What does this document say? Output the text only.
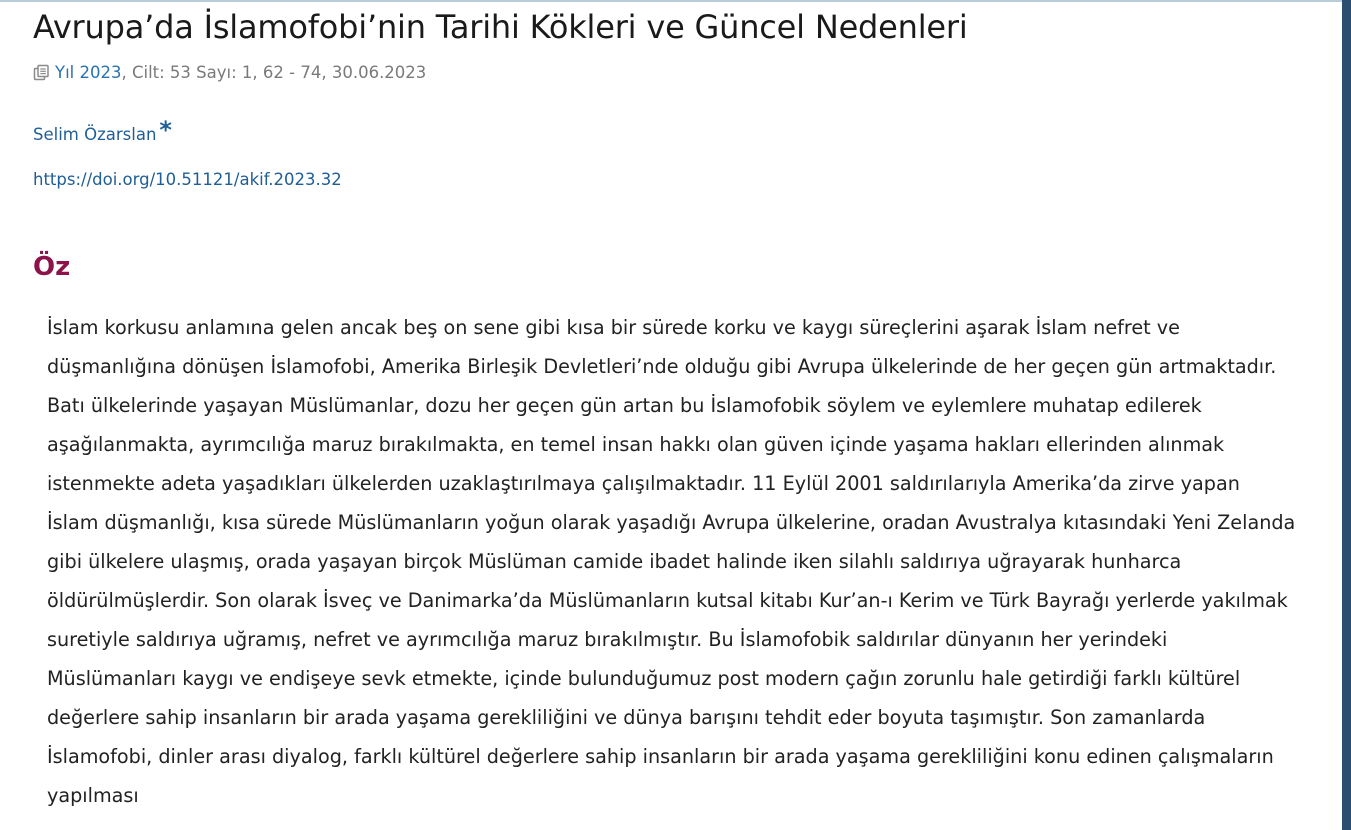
Avrupa’da İslamofobi’nin Tarihi Kökleri ve Güncel Nedenleri
Yıl 2023 , Cilt: 53 Sayı: 1, 62 - 74, 30.06.2023
Selim Özarslan *
https://doi.org/10.51121/akif.2023.32
Öz

İslam korkusu anlamına gelen ancak beş on sene gibi kısa bir sürede korku ve kaygı süreçlerini aşarak İslam nefret ve düşmanlığına dönüşen İslamofobi, Amerika Birleşik Devletleri’nde olduğu gibi Avrupa ülkelerinde de her geçen gün artmaktadır. Batı ülkelerinde yaşayan Müslümanlar, dozu her geçen gün artan bu İslamofobik söylem ve eylemlere muhatap edilerek aşağılanmakta, ayrımcılığa maruz bırakılmakta, en temel insan hakkı olan güven içinde yaşama hakları ellerinden alınmak istenmekte adeta yaşadıkları ülkelerden uzaklaştırılmaya çalışılmaktadır. 11 Eylül 2001 saldırılarıyla Amerika’da zirve yapan İslam düşmanlığı, kısa sürede Müslümanların yoğun olarak yaşadığı Avrupa ülkelerine, oradan Avustralya kıtasındaki Yeni Zelanda gibi ülkelere ulaşmış, orada yaşayan birçok Müslüman camide ibadet halinde iken silahlı saldırıya uğrayarak hunharca öldürülmüşlerdir. Son olarak İsveç ve Danimarka’da Müslümanların kutsal kitabı Kur’an-ı Kerim ve Türk Bayrağı yerlerde yakılmak suretiyle saldırıya uğramış, nefret ve ayrımcılığa maruz bırakılmıştır. Bu İslamofobik saldırılar dünyanın her yerindeki Müslümanları kaygı ve endişeye sevk etmekte, içinde bulunduğumuz post modern çağın zorunlu hale getirdiği farklı kültürel değerlere sahip insanların bir arada yaşama gerekliliğini ve dünya barışını tehdit eder boyuta taşımıştır. Son zamanlarda İslamofobi, dinler arası diyalog, farklı kültürel değerlere sahip insanların bir arada yaşama gerekliliğini konu edinen çalışmaların yapılması
